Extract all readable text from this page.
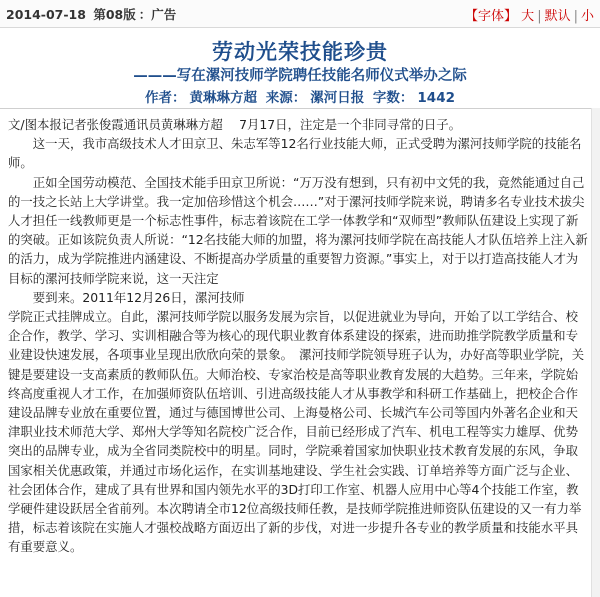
2014-07-18 第08版 ：广告	【字体】 大 | 默认 | 小
劳动光荣技能珍贵
———写在漯河技师学院聘任技能名师仪式举办之际
作者： 黄琳琳方超 来源： 漯河日报 字数： 1442

文/图本报记者张俊霞通讯员黄琳琳方超　 7月17日，注定是一个非同寻常的日子。

这一天，我市高级技术人才田京卫、朱志军等12名行业技能大师，正式受聘为漯河技师学院的技能名师。

正如全国劳动模范、全国技术能手田京卫所说：“万万没有想到，只有初中文凭的我，竟然能通过自己的一技之长站上大学讲堂。我一定加倍珍惜这个机会……”对于漯河技师学院来说，聘请多名专业技术拔尖人才担任一线教师更是一个标志性事件，标志着该院在工学一体教学和“双师型”教师队伍建设上实现了新的突破。正如该院负责人所说：“12名技能大师的加盟，将为漯河技师学院在高技能人才队伍培养上注入新的活力，成为学院推进内涵建设、不断提高办学质量的重要智力资源。”事实上，对于以打造高技能人才为目标的漯河技师学院来说，这一天注定

要到来。2011年12月26日，漯河技师

学院正式挂牌成立。自此，漯河技师学院以服务发展为宗旨，以促进就业为导向，开始了以工学结合、校企合作，教学、学习、实训相融合等为核心的现代职业教育体系建设的探索，进而助推学院教学质量和专业建设快速发展，各项事业呈现出欣欣向荣的景象。　漯河技师学院领导班子认为，办好高等职业学院，关键是要建设一支高素质的教师队伍。大师治校、专家治校是高等职业教育发展的大趋势。三年来，学院始终高度重视人才工作，在加强师资队伍培训、引进高级技能人才从事教学和科研工作基础上，把校企合作建设品牌专业放在重要位置，通过与德国博世公司、上海曼格公司、长城汽车公司等国内外著名企业和天津职业技术师范大学、郑州大学等知名院校广泛合作，目前已经形成了汽车、机电工程等实力雄厚、优势突出的品牌专业，成为全省同类院校中的明星。同时，学院乘着国家加快职业技术教育发展的东风，争取国家相关优惠政策，并通过市场化运作，在实训基地建设、学生社会实践、订单培养等方面广泛与企业、社会团体合作，建成了具有世界和国内领先水平的3D打印工作室、机器人应用中心等4个技能工作室，教学硬件建设跃居全省前列。本次聘请全市12位高级技师任教，是技师学院推进师资队伍建设的又一有力举措，标志着该院在实施人才强校战略方面迈出了新的步伐，对进一步提升各专业的教学质量和技能水平具有重要意义。
